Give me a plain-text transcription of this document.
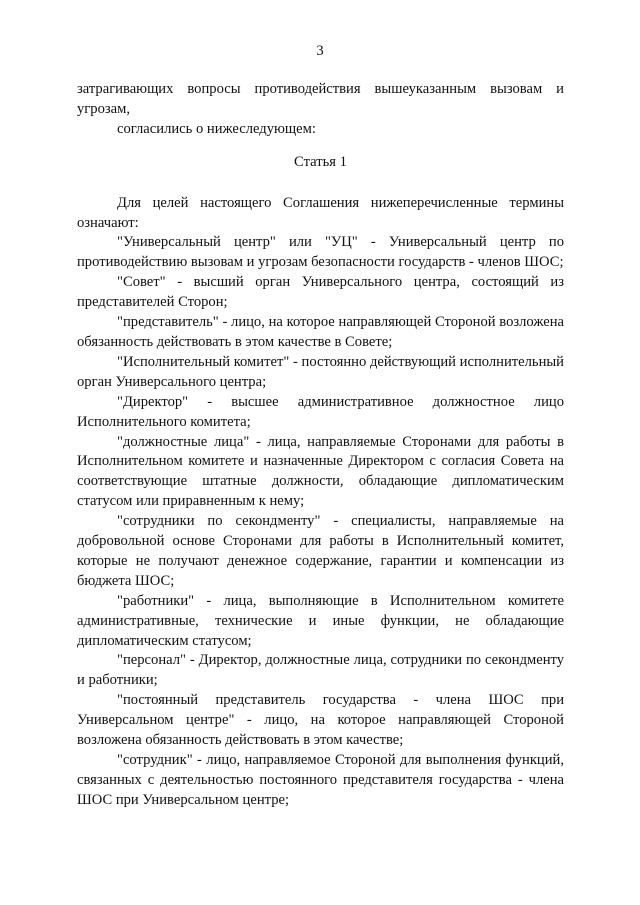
3

затрагивающих вопросы противодействия вышеуказанным вызовам и угрозам,

согласились о нижеследующем:

Статья 1

Для целей настоящего Соглашения нижеперечисленные термины означают:

"Универсальный центр" или "УЦ" - Универсальный центр по противодействию вызовам и угрозам безопасности государств - членов ШОС;

"Совет" - высший орган Универсального центра, состоящий из представителей Сторон;

"представитель" - лицо, на которое направляющей Стороной возложена обязанность действовать в этом качестве в Совете;

"Исполнительный комитет" - постоянно действующий исполнительный орган Универсального центра;

"Директор" - высшее административное должностное лицо Исполнительного комитета;

"должностные лица" - лица, направляемые Сторонами для работы в Исполнительном комитете и назначенные Директором с согласия Совета на соответствующие штатные должности, обладающие дипломатическим статусом или приравненным к нему;

"сотрудники по секондменту" - специалисты, направляемые на добровольной основе Сторонами для работы в Исполнительный комитет, которые не получают денежное содержание, гарантии и компенсации из бюджета ШОС;

"работники" - лица, выполняющие в Исполнительном комитете административные, технические и иные функции, не обладающие дипломатическим статусом;

"персонал" - Директор, должностные лица, сотрудники по секондменту и работники;

"постоянный представитель государства - члена ШОС при Универсальном центре" - лицо, на которое направляющей Стороной возложена обязанность действовать в этом качестве;

"сотрудник" - лицо, направляемое Стороной для выполнения функций, связанных с деятельностью постоянного представителя государства - члена ШОС при Универсальном центре;
